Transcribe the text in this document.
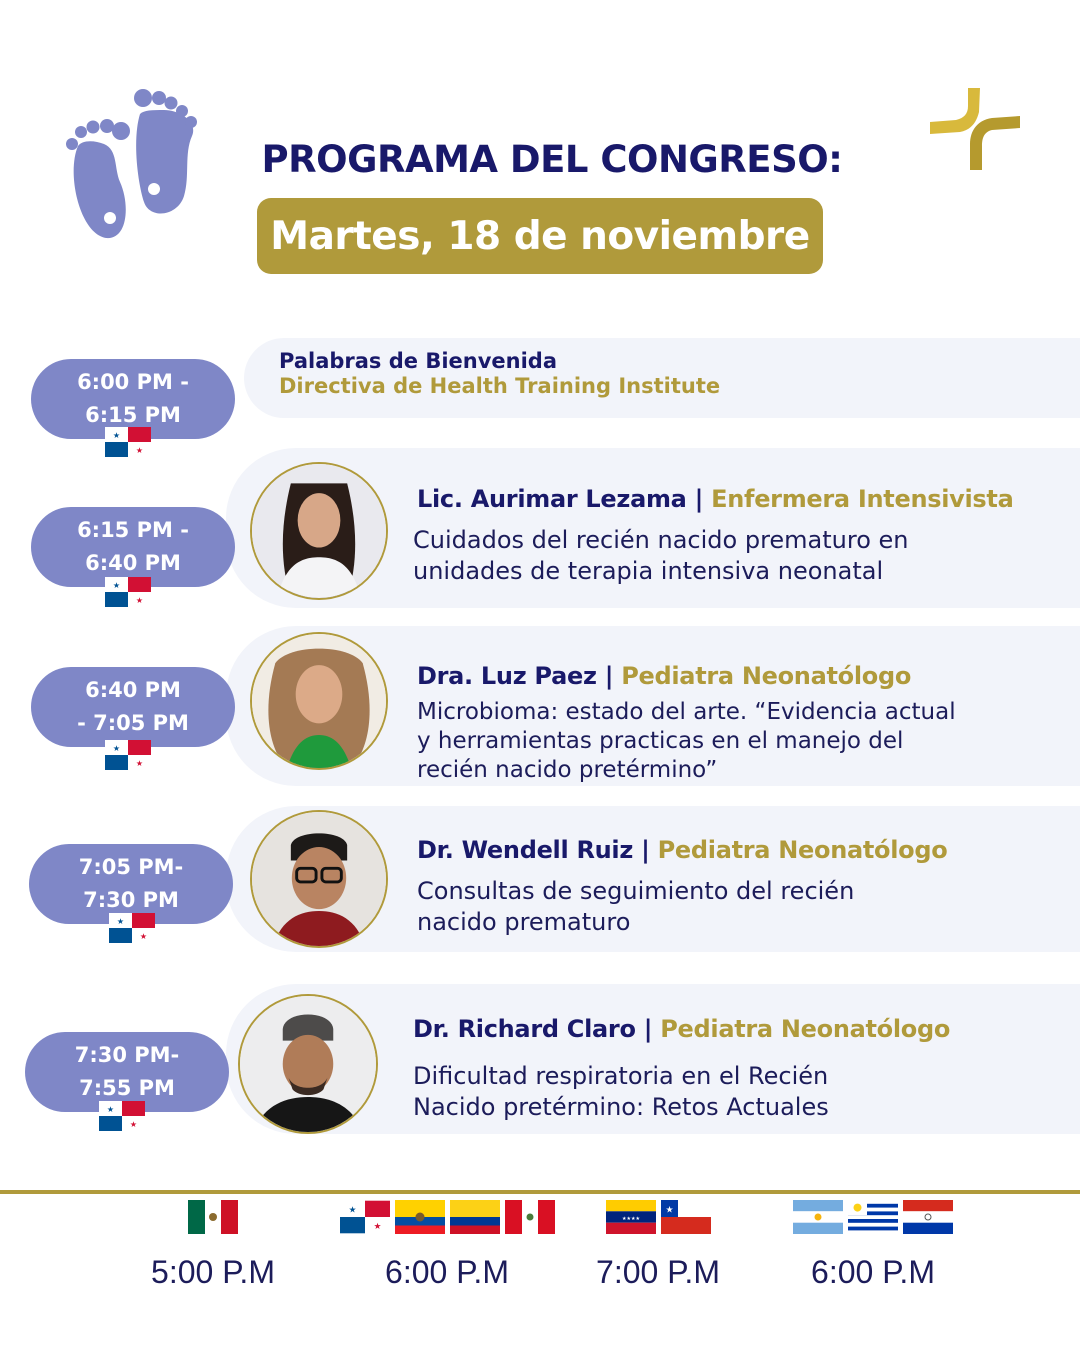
PROGRAMA DEL CONGRESO:
Martes, 18 de noviembre
6:00 PM -
6:15 PM
★
★
Palabras de Bienvenida
Directiva de Health Training Institute
6:15 PM -
6:40 PM
★
★
Lic. Aurimar Lezama | Enfermera Intensivista
Cuidados del recién nacido prematuro en
unidades de terapia intensiva neonatal
6:40 PM
- 7:05 PM
★
★
Dra. Luz Paez | Pediatra Neonatólogo
Microbioma: estado del arte. “Evidencia actual
y herramientas practicas en el manejo del
recién nacido pretérmino”
7:05 PM-
7:30 PM
★
★
Dr. Wendell Ruiz | Pediatra Neonatólogo
Consultas de seguimiento del recién
nacido prematuro
7:30 PM-
7:55 PM
★
★
Dr. Richard Claro | Pediatra Neonatólogo
Dificultad respiratoria en el Recién
Nacido pretérmino: Retos Actuales
5:00 P.M
★
★
6:00 P.M
★★★★
★
7:00 P.M	6:00 P.M
